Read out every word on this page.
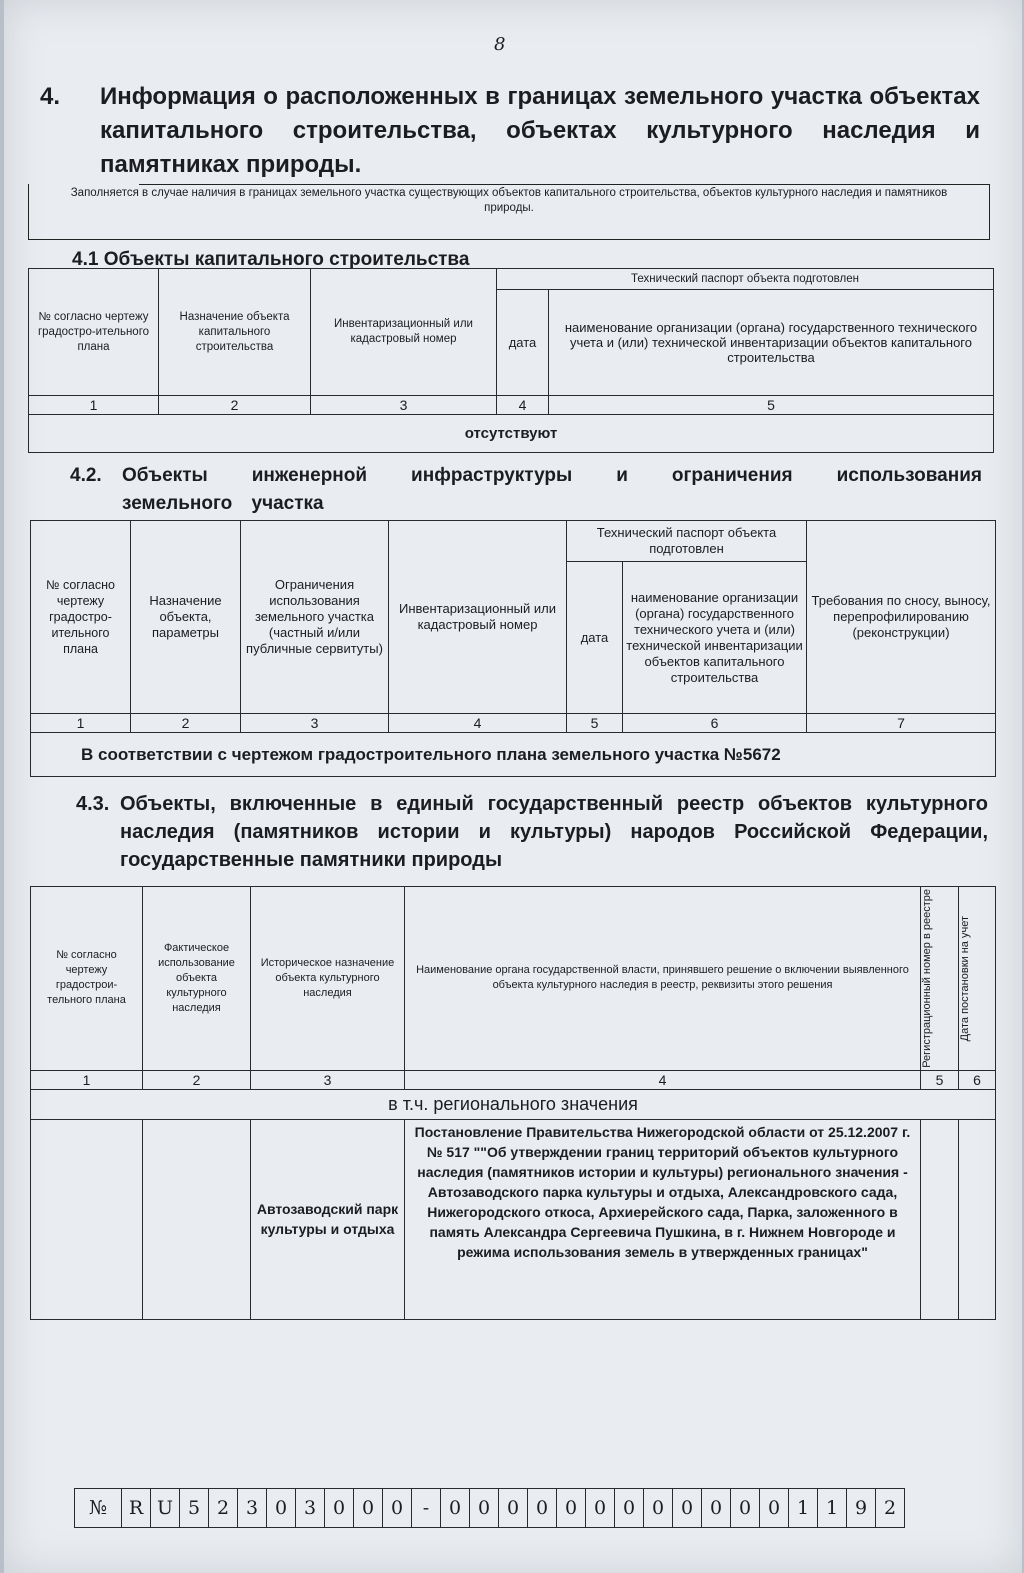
8
4. Информация о расположенных в границах земельного участка объектах капитального строительства, объектах культурного наследия и памятниках природы.
Заполняется в случае наличия в границах земельного участка существующих объектов капитального строительства, объектов культурного наследия и памятников природы.
4.1 Объекты капитального строительства
№ согласно чертежу градостро-ительного плана	Назначение объекта капитального строительства	Инвентаризационный или кадастровый номер	Технический паспорт объекта подготовлен	
			дата	наименование организации (органа) государственного технического учета и (или) технической инвентаризации объектов капитального строительства
1	2	3	4	5
отсутствуют				
4.2.	Объекты инженерной инфраструктуры и ограничения использования земельного участка
№ согласно чертежу градостро-ительного плана	Назначение объекта, параметры	Ограничения использования земельного участка (частный и/или публичные сервитуты)	Инвентаризационный или кадастровый номер	Технический паспорт объекта подготовлен		Требования по сносу, выносу, перепрофилированию (реконструкции)
				дата	наименование организации (органа) государственного технического учета и (или) технической инвентаризации объектов капитального строительства	
1	2	3	4	5	6	7
В соответствии с чертежом градостроительного плана земельного участка №5672						
4.3. Объекты, включенные в единый государственный реестр объектов культурного наследия (памятников истории и культуры) народов Российской Федерации, государственные памятники природы
№ согласно чертежу градострои-тельного плана	Фактическое использование объекта культурного наследия	Историческое назначение объекта культурного наследия	Наименование органа государственной власти, принявшего решение о включении выявленного объекта культурного наследия в реестр, реквизиты этого решения	Регистрационный номер в реестре	Дата постановки на учет

1	2	3	4	5	6
в т.ч. регионального значения					
		Автозаводский парк культуры и отдыха	Постановление Правительства Нижегородской области от 25.12.2007 г. № 517 ""Об утверждении границ территорий объектов культурного наследия (памятников истории и культуры) регионального значения - Автозаводского парка культуры и отдыха, Александровского сада, Нижегородского откоса, Архиерейского сада, Парка, заложенного в память Александра Сергеевича Пушкина, в г. Нижнем Новгороде и режима использования земель в утвержденных границах"		
№	R	U	5	2	3	0	3	0	0	0	-	0	0	0	0	0	0	0	0	0	0	0	0	1	1	9	2
